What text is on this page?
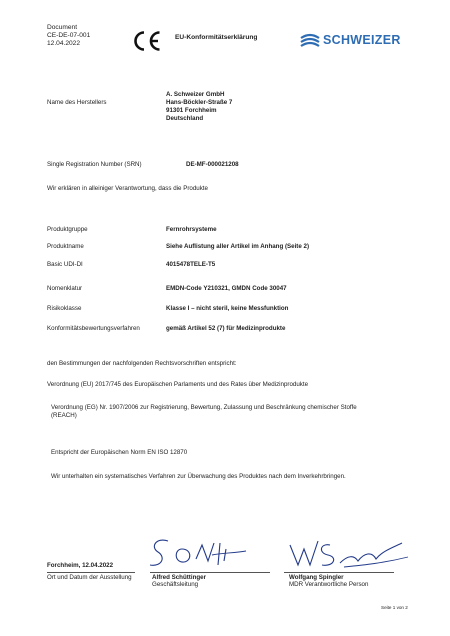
Document
CE-DE-07-001
12.04.2022
EU-Konformitätserklärung	SCHWEIZER
Name des Herstellers
A. Schweizer GmbH
Hans-Böckler-Straße 7
91301 Forchheim
Deutschland
Single Registration Number (SRN)	DE-MF-000021208
Wir erklären in alleiniger Verantwortung, dass die Produkte
Produktgruppe	Fernrohrsysteme
Produktname	Siehe Auflistung aller Artikel im Anhang (Seite 2)
Basic UDI-DI	4015478TELE-T5
Nomenklatur	EMDN-Code Y210321, GMDN Code 30047
Risikoklasse	Klasse I – nicht steril, keine Messfunktion
Konformitätsbewertungsverfahren	gemäß Artikel 52 (7) für Medizinprodukte
den Bestimmungen der nachfolgenden Rechtsvorschriften entspricht:
Verordnung (EU) 2017/745 des Europäischen Parlaments und des Rates über Medizinprodukte
Verordnung (EG) Nr. 1907/2006 zur Registrierung, Bewertung, Zulassung und Beschränkung chemischer Stoffe
(REACH)
Entspricht der Europäischen Norm EN ISO 12870
Wir unterhalten ein systematisches Verfahren zur Überwachung des Produktes nach dem Inverkehrbringen.
Forchheim, 12.04.2022
Ort und Datum der Ausstellung	Alfred Schüttinger
Geschäftsleitung
Wolfgang Spingler
MDR Verantwortliche Person
Seite 1 von 2
